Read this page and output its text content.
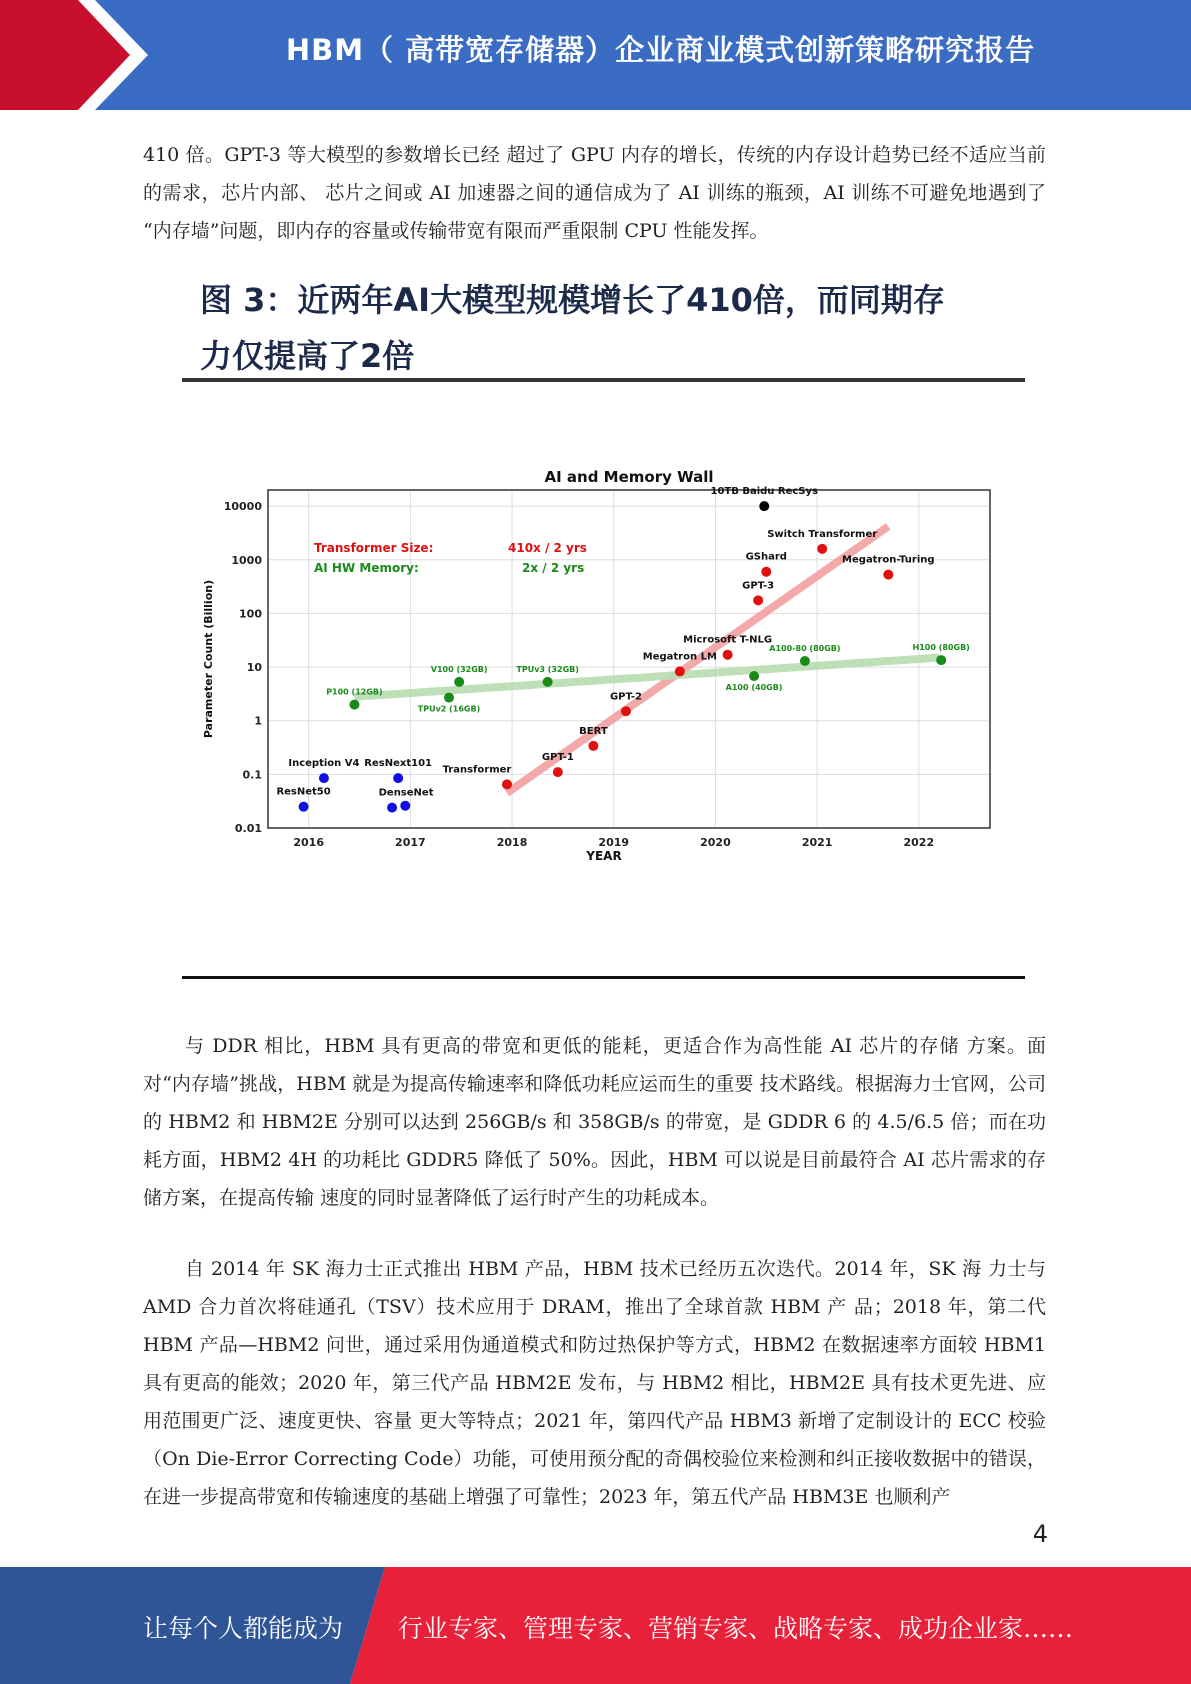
HBM（ 高带宽存储器）企业商业模式创新策略研究报告

410 倍。GPT-3 等大模型的参数增长已经 超过了 GPU 内存的增长，传统的内存设计趋势已经不适应当前的需求，芯片内部、 芯片之间或 AI 加速器之间的通信成为了 AI 训练的瓶颈，AI 训练不可避免地遇到了 “内存墙”问题，即内存的容量或传输带宽有限而严重限制 CPU 性能发挥。

图 3：近两年AI大模型规模增长了410倍，而同期存
力仅提高了2倍
AI and Memory Wall
2016	2017	2018	2019	2020	2021	2022
0.01
0.1
1
10
100
1000
10000
YEAR
Parameter Count (Billion)
Transformer Size:	410x / 2 yrs
AI HW Memory:	2x / 2 yrs
Transformer
GPT-1
BERT
GPT-2
Megatron LM
Microsoft T-NLG
GPT-3
GShard
Switch Transformer
Megatron-Turing
P100 (12GB)
TPUv2 (16GB)
V100 (32GB)	TPUv3 (32GB)
A100 (40GB)
A100-80 (80GB)	H100 (80GB)
ResNet50
Inception V4 ResNext101
DenseNet
10TB Baidu RecSys

与 DDR 相比，HBM 具有更高的带宽和更低的能耗，更适合作为高性能 AI 芯片的存储 方案。面对“内存墙”挑战，HBM 就是为提高传输速率和降低功耗应运而生的重要 技术路线。根据海力士官网，公司的 HBM2 和 HBM2E 分别可以达到 256GB/s 和 358GB/s 的带宽，是 GDDR 6 的 4.5/6.5 倍；而在功耗方面，HBM2 4H 的功耗比 GDDR5 降低了 50%。因此，HBM 可以说是目前最符合 AI 芯片需求的存储方案，在提高传输 速度的同时显著降低了运行时产生的功耗成本。

自 2014 年 SK 海力士正式推出 HBM 产品，HBM 技术已经历五次迭代。2014 年，SK 海 力士与 AMD 合力首次将硅通孔（TSV）技术应用于 DRAM，推出了全球首款 HBM 产 品；2018 年，第二代 HBM 产品—HBM2 问世，通过采用伪通道模式和防过热保护等方式，HBM2 在数据速率方面较 HBM1 具有更高的能效；2020 年，第三代产品 HBM2E 发布，与 HBM2 相比，HBM2E 具有技术更先进、应用范围更广泛、速度更快、容量 更大等特点；2021 年，第四代产品 HBM3 新增了定制设计的 ECC 校验（On Die-Error Correcting Code）功能，可使用预分配的奇偶校验位来检测和纠正接收数据中的错误，在进一步提高带宽和传输速度的基础上增强了可靠性；2023 年，第五代产品 HBM3E 也顺利产

4
让每个人都能成为 行业专家、管理专家、营销专家、战略专家、成功企业家……
